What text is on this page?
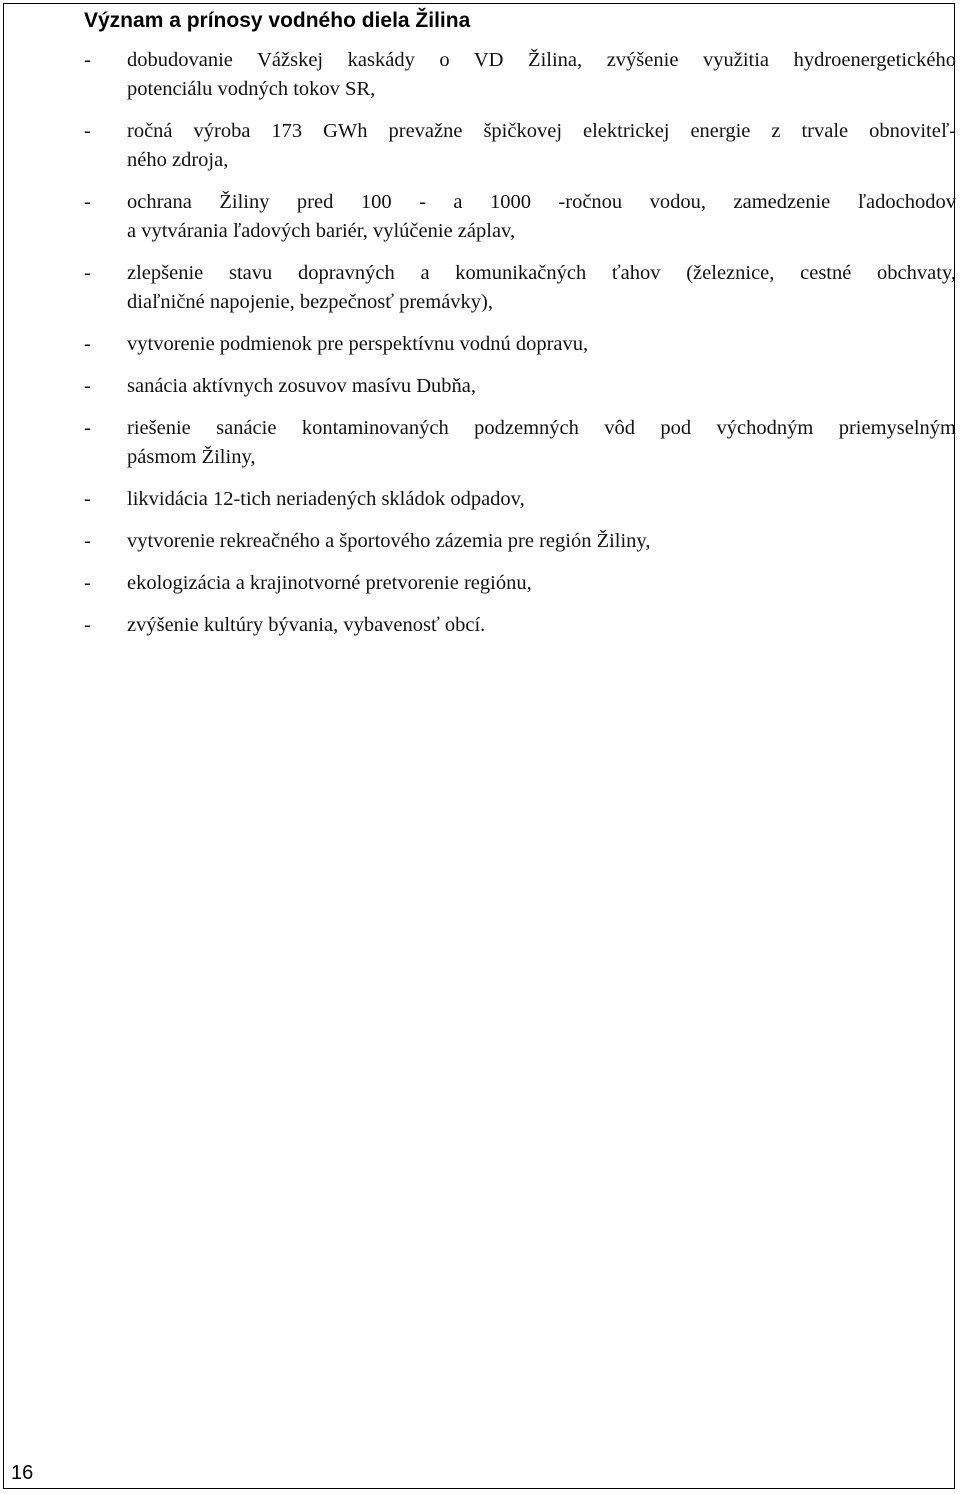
Význam a prínosy vodného diela Žilina
- dobudovanie Vážskej kaskády o VD Žilina, zvýšenie využitia hydroenergetického
potenciálu vodných tokov SR,
- ročná výroba 173 GWh prevažne špičkovej elektrickej energie z trvale obnoviteľ-
ného zdroja,
- ochrana Žiliny pred 100 - a 1000 -ročnou vodou, zamedzenie ľadochodov
a vytvárania ľadových bariér, vylúčenie záplav,
- zlepšenie stavu dopravných a komunikačných ťahov (železnice, cestné obchvaty,
diaľničné napojenie, bezpečnosť premávky),
- vytvorenie podmienok pre perspektívnu vodnú dopravu,
- sanácia aktívnych zosuvov masívu Dubňa,
- riešenie sanácie kontaminovaných podzemných vôd pod východným priemyselným
pásmom Žiliny,
- likvidácia 12-tich neriadených skládok odpadov,
- vytvorenie rekreačného a športového zázemia pre región Žiliny,
- ekologizácia a krajinotvorné pretvorenie regiónu,
- zvýšenie kultúry bývania, vybavenosť obcí.
16
